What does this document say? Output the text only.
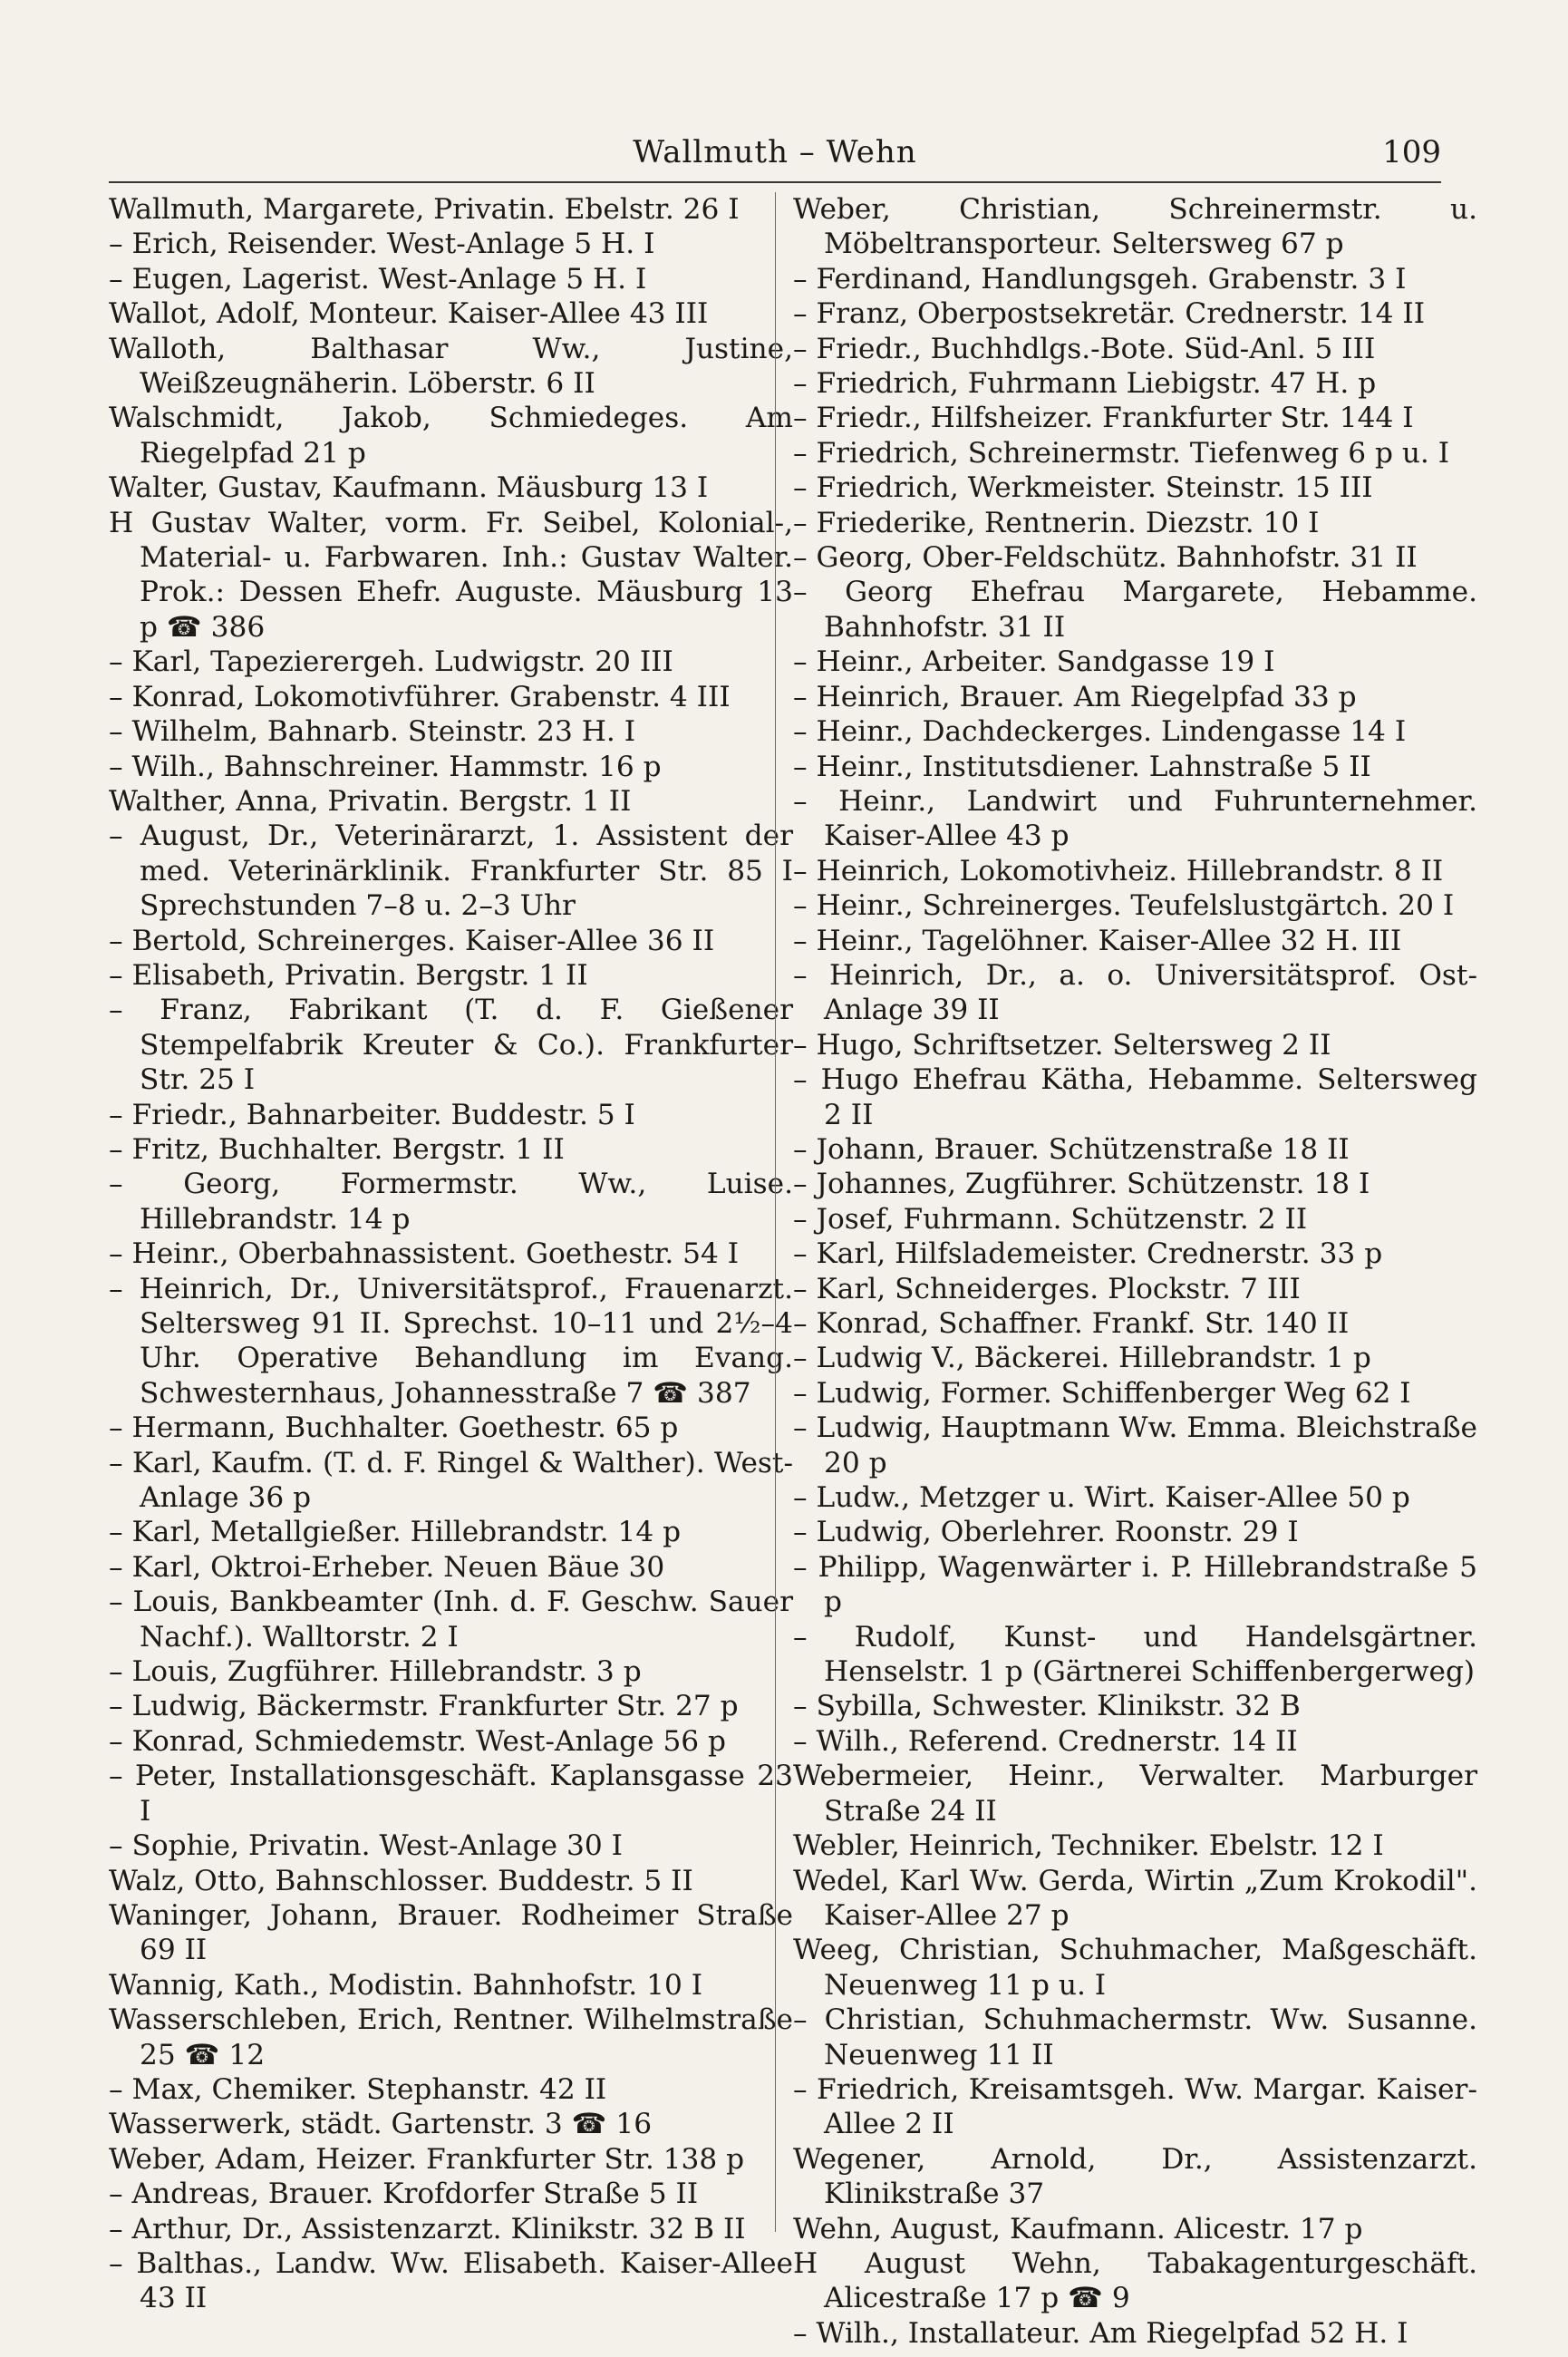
Wallmuth – Wehn	109
Wallmuth, Margarete, Privatin. Ebelstr. 26 I
– Erich, Reisender. West-Anlage 5 H. I
– Eugen, Lagerist. West-Anlage 5 H. I
Wallot, Adolf, Monteur. Kaiser-Allee 43 III
Walloth, Balthasar Ww., Justine, Weißzeugnäherin. Löberstr. 6 II
Walschmidt, Jakob, Schmiedeges. Am Riegelpfad 21 p
Walter, Gustav, Kaufmann. Mäusburg 13 I
H Gustav Walter, vorm. Fr. Seibel, Kolonial-, Material- u. Farbwaren. Inh.: Gustav Walter. Prok.: Dessen Ehefr. Auguste. Mäusburg 13 p ☎ 386
– Karl, Tapezierergeh. Ludwigstr. 20 III
– Konrad, Lokomotivführer. Grabenstr. 4 III
– Wilhelm, Bahnarb. Steinstr. 23 H. I
– Wilh., Bahnschreiner. Hammstr. 16 p
Walther, Anna, Privatin. Bergstr. 1 II
– August, Dr., Veterinärarzt, 1. Assistent der med. Veterinärklinik. Frankfurter Str. 85 I Sprechstunden 7–8 u. 2–3 Uhr
– Bertold, Schreinerges. Kaiser-Allee 36 II
– Elisabeth, Privatin. Bergstr. 1 II
– Franz, Fabrikant (T. d. F. Gießener Stempelfabrik Kreuter & Co.). Frankfurter Str. 25 I
– Friedr., Bahnarbeiter. Buddestr. 5 I
– Fritz, Buchhalter. Bergstr. 1 II
– Georg, Formermstr. Ww., Luise. Hillebrandstr. 14 p
– Heinr., Oberbahnassistent. Goethestr. 54 I
– Heinrich, Dr., Universitätsprof., Frauenarzt. Seltersweg 91 II. Sprechst. 10–11 und 2½–4 Uhr. Operative Behandlung im Evang. Schwesternhaus, Johannesstraße 7 ☎ 387
– Hermann, Buchhalter. Goethestr. 65 p
– Karl, Kaufm. (T. d. F. Ringel & Walther). West-Anlage 36 p
– Karl, Metallgießer. Hillebrandstr. 14 p
– Karl, Oktroi-Erheber. Neuen Bäue 30
– Louis, Bankbeamter (Inh. d. F. Geschw. Sauer Nachf.). Walltorstr. 2 I
– Louis, Zugführer. Hillebrandstr. 3 p
– Ludwig, Bäckermstr. Frankfurter Str. 27 p
– Konrad, Schmiedemstr. West-Anlage 56 p
– Peter, Installationsgeschäft. Kaplansgasse 23 I
– Sophie, Privatin. West-Anlage 30 I
Walz, Otto, Bahnschlosser. Buddestr. 5 II
Waninger, Johann, Brauer. Rodheimer Straße 69 II
Wannig, Kath., Modistin. Bahnhofstr. 10 I
Wasserschleben, Erich, Rentner. Wilhelmstraße 25 ☎ 12
– Max, Chemiker. Stephanstr. 42 II
Wasserwerk, städt. Gartenstr. 3 ☎ 16
Weber, Adam, Heizer. Frankfurter Str. 138 p
– Andreas, Brauer. Krofdorfer Straße 5 II
– Arthur, Dr., Assistenzarzt. Klinikstr. 32 B II
– Balthas., Landw. Ww. Elisabeth. Kaiser-Allee 43 II
Weber, Christian, Schreinermstr. u. Möbeltransporteur. Seltersweg 67 p
– Ferdinand, Handlungsgeh. Grabenstr. 3 I
– Franz, Oberpostsekretär. Crednerstr. 14 II
– Friedr., Buchhdlgs.-Bote. Süd-Anl. 5 III
– Friedrich, Fuhrmann Liebigstr. 47 H. p
– Friedr., Hilfsheizer. Frankfurter Str. 144 I
– Friedrich, Schreinermstr. Tiefenweg 6 p u. I
– Friedrich, Werkmeister. Steinstr. 15 III
– Friederike, Rentnerin. Diezstr. 10 I
– Georg, Ober-Feldschütz. Bahnhofstr. 31 II
– Georg Ehefrau Margarete, Hebamme. Bahnhofstr. 31 II
– Heinr., Arbeiter. Sandgasse 19 I
– Heinrich, Brauer. Am Riegelpfad 33 p
– Heinr., Dachdeckerges. Lindengasse 14 I
– Heinr., Institutsdiener. Lahnstraße 5 II
– Heinr., Landwirt und Fuhrunternehmer. Kaiser-Allee 43 p
– Heinrich, Lokomotivheiz. Hillebrandstr. 8 II
– Heinr., Schreinerges. Teufelslustgärtch. 20 I
– Heinr., Tagelöhner. Kaiser-Allee 32 H. III
– Heinrich, Dr., a. o. Universitätsprof. Ost-Anlage 39 II
– Hugo, Schriftsetzer. Seltersweg 2 II
– Hugo Ehefrau Kätha, Hebamme. Seltersweg 2 II
– Johann, Brauer. Schützenstraße 18 II
– Johannes, Zugführer. Schützenstr. 18 I
– Josef, Fuhrmann. Schützenstr. 2 II
– Karl, Hilfslademeister. Crednerstr. 33 p
– Karl, Schneiderges. Plockstr. 7 III
– Konrad, Schaffner. Frankf. Str. 140 II
– Ludwig V., Bäckerei. Hillebrandstr. 1 p
– Ludwig, Former. Schiffenberger Weg 62 I
– Ludwig, Hauptmann Ww. Emma. Bleichstraße 20 p
– Ludw., Metzger u. Wirt. Kaiser-Allee 50 p
– Ludwig, Oberlehrer. Roonstr. 29 I
– Philipp, Wagenwärter i. P. Hillebrandstraße 5 p
– Rudolf, Kunst- und Handelsgärtner. Henselstr. 1 p (Gärtnerei Schiffenbergerweg)
– Sybilla, Schwester. Klinikstr. 32 B
– Wilh., Referend. Crednerstr. 14 II
Webermeier, Heinr., Verwalter. Marburger Straße 24 II
Webler, Heinrich, Techniker. Ebelstr. 12 I
Wedel, Karl Ww. Gerda, Wirtin „Zum Krokodil". Kaiser-Allee 27 p
Weeg, Christian, Schuhmacher, Maßgeschäft. Neuenweg 11 p u. I
– Christian, Schuhmachermstr. Ww. Susanne. Neuenweg 11 II
– Friedrich, Kreisamtsgeh. Ww. Margar. Kaiser-Allee 2 II
Wegener, Arnold, Dr., Assistenzarzt. Klinikstraße 37
Wehn, August, Kaufmann. Alicestr. 17 p
H August Wehn, Tabakagenturgeschäft. Alicestraße 17 p ☎ 9
– Wilh., Installateur. Am Riegelpfad 52 H. I
